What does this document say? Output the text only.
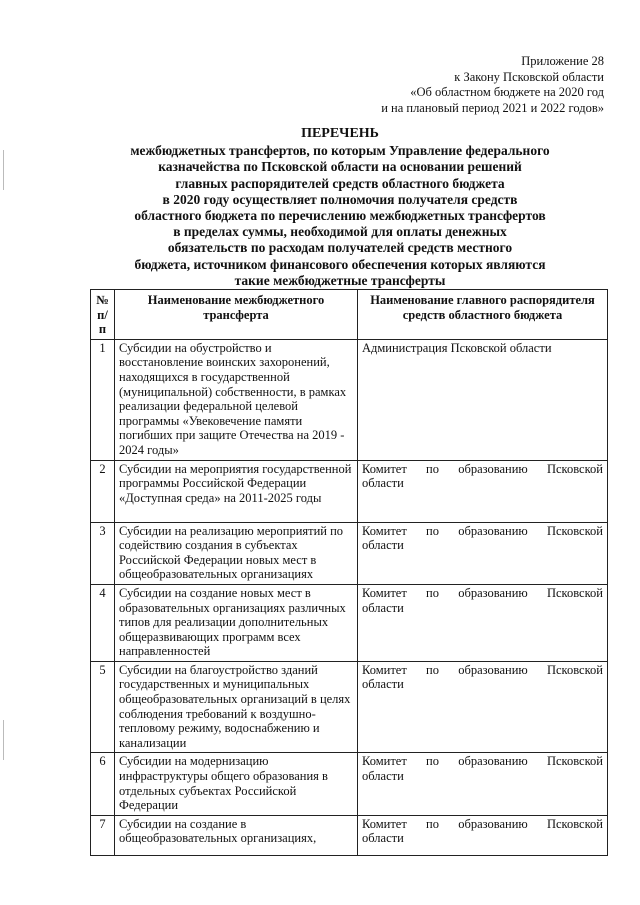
Приложение 28
к Закону Псковской области
«Об областном бюджете на 2020 год
и на плановый период 2021 и 2022 годов»
ПЕРЕЧЕНЬ
межбюджетных трансфертов, по которым Управление федерального
казначейства по Псковской области на основании решений
главных распорядителей средств областного бюджета
в 2020 году осуществляет полномочия получателя средств
областного бюджета по перечислению межбюджетных трансфертов
в пределах суммы, необходимой для оплаты денежных
обязательств по расходам получателей средств местного
бюджета, источником финансового обеспечения которых являются
такие межбюджетные трансферты
№ п/п	Наименование межбюджетного трансферта	Наименование главного распорядителя средств областного бюджета
1	Субсидии на обустройство и восстановление воинских захоронений, находящихся в государственной (муниципальной) собственности, в рамках реализации федеральной целевой программы «Увековечение памяти погибших при защите Отечества на 2019 - 2024 годы»	Администрация Псковской области
2	Субсидии на мероприятия государственной программы Российской Федерации «Доступная среда» на 2011-2025 годы	Комитет по образованию Псковской
области

3	Субсидии на реализацию мероприятий по содействию создания в субъектах Российской Федерации новых мест в общеобразовательных организациях	Комитет по образованию Псковской
области

4	Субсидии на создание новых мест в образовательных организациях различных типов для реализации дополнительных общеразвивающих программ всех направленностей	Комитет по образованию Псковской
области

5	Субсидии на благоустройство зданий государственных и муниципальных общеобразовательных организаций в целях соблюдения требований к воздушно-тепловому режиму, водоснабжению и канализации	Комитет по образованию Псковской
области

6	Субсидии на модернизацию инфраструктуры общего образования в отдельных субъектах Российской Федерации	Комитет по образованию Псковской
области

7	Субсидии на создание в общеобразовательных организациях,	Комитет по образованию Псковской
области
